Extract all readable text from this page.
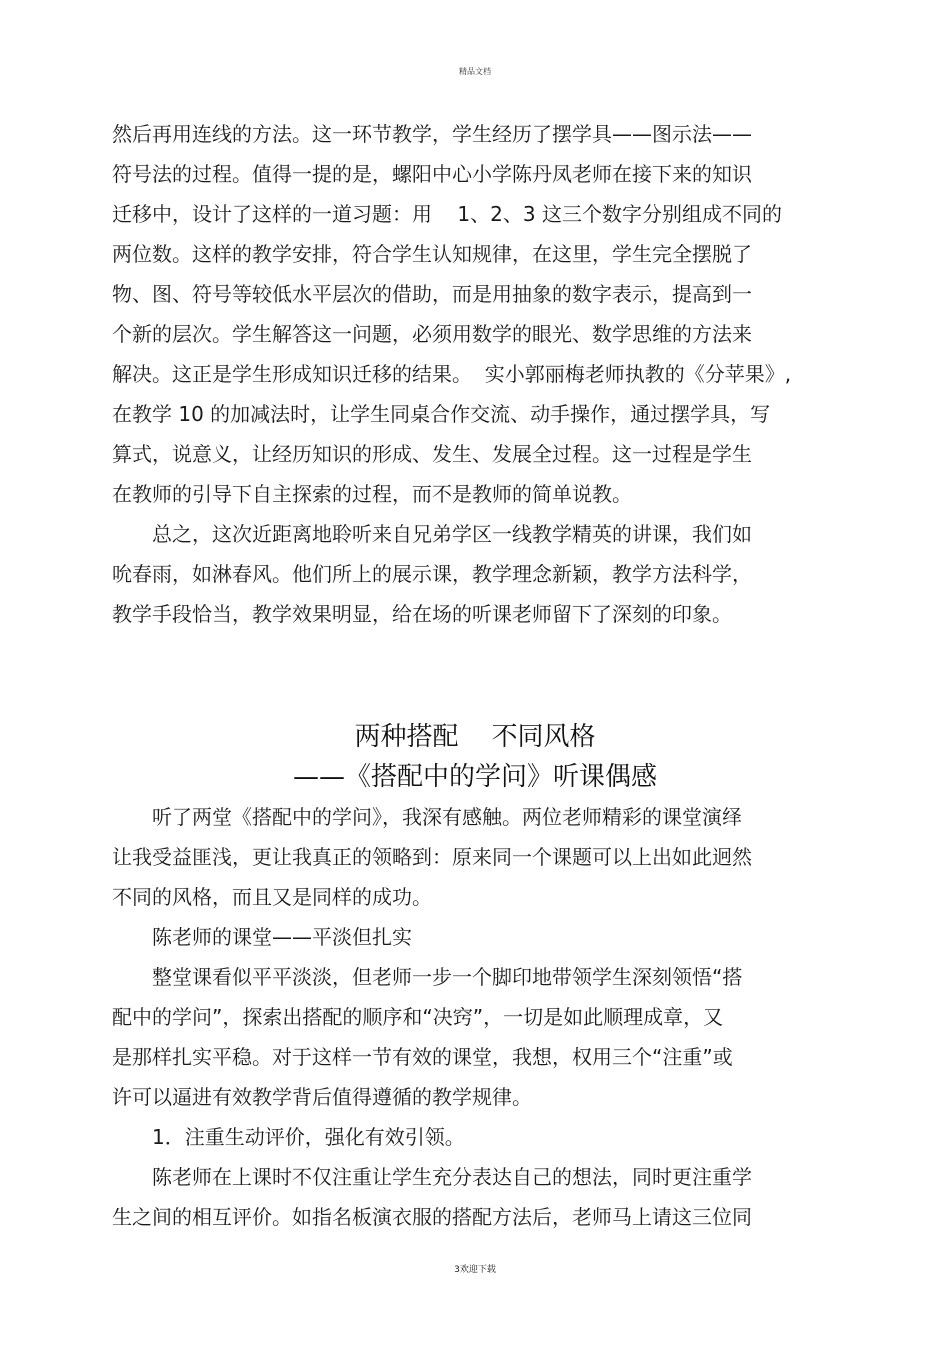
精品文档
然后再用连线的方法。这一环节教学，学生经历了摆学具——图示法——
符号法的过程。值得一提的是，螺阳中心小学陈丹凤老师在接下来的知识
迁移中，设计了这样的一道习题：用    1、2、3 这三个数字分别组成不同的
两位数。这样的教学安排，符合学生认知规律，在这里，学生完全摆脱了
物、图、符号等较低水平层次的借助，而是用抽象的数字表示，提高到一
个新的层次。学生解答这一问题，必须用数学的眼光、数学思维的方法来
解决。这正是学生形成知识迁移的结果。  实小郭丽梅老师执教的《分苹果》,
在教学 10 的加减法时，让学生同桌合作交流、动手操作，通过摆学具，写
算式，说意义，让经历知识的形成、发生、发展全过程。这一过程是学生
在教师的引导下自主探索的过程，而不是教师的简单说教。
总之，这次近距离地聆听来自兄弟学区一线教学精英的讲课，我们如
吮春雨，如淋春风。他们所上的展示课，教学理念新颖，教学方法科学，
教学手段恰当，教学效果明显，给在场的听课老师留下了深刻的印象。
两种搭配    不同风格
——《搭配中的学问》听课偶感
听了两堂《搭配中的学问》，我深有感触。两位老师精彩的课堂演绎
让我受益匪浅，更让我真正的领略到：原来同一个课题可以上出如此迥然
不同的风格，而且又是同样的成功。
陈老师的课堂——平淡但扎实
整堂课看似平平淡淡，但老师一步一个脚印地带领学生深刻领悟“搭
配中的学问”，探索出搭配的顺序和“决窍”，一切是如此顺理成章，又
是那样扎实平稳。对于这样一节有效的课堂，我想，权用三个“注重”或
许可以逼进有效教学背后值得遵循的教学规律。
1．注重生动评价，强化有效引领。
陈老师在上课时不仅注重让学生充分表达自己的想法，同时更注重学
生之间的相互评价。如指名板演衣服的搭配方法后，老师马上请这三位同
3欢迎下载
